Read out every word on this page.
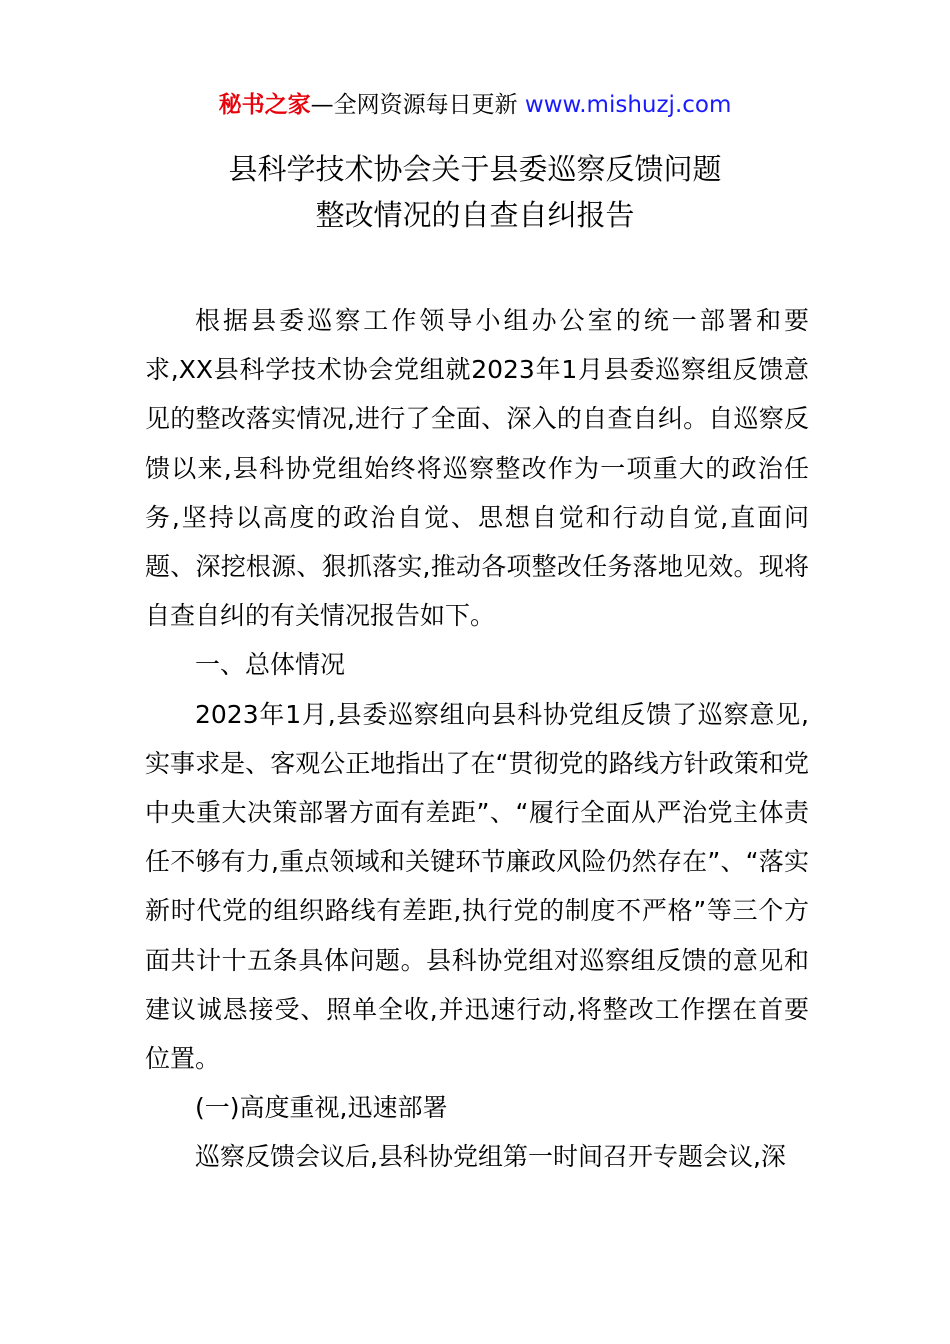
秘书之家—全网资源每日更新 www.mishuzj.com
县科学技术协会关于县委巡察反馈问题
整改情况的自查自纠报告

根据县委巡察工作领导小组办公室的统一部署和要求,XX县科学技术协会党组就2023年1月县委巡察组反馈意见的整改落实情况,进行了全面、深入的自查自纠。自巡察反馈以来,县科协党组始终将巡察整改作为一项重大的政治任务,坚持以高度的政治自觉、思想自觉和行动自觉,直面问题、深挖根源、狠抓落实,推动各项整改任务落地见效。现将自查自纠的有关情况报告如下。

一、总体情况

2023年1月,县委巡察组向县科协党组反馈了巡察意见,实事求是、客观公正地指出了在“贯彻党的路线方针政策和党中央重大决策部署方面有差距”、“履行全面从严治党主体责任不够有力,重点领域和关键环节廉政风险仍然存在”、“落实新时代党的组织路线有差距,执行党的制度不严格”等三个方面共计十五条具体问题。县科协党组对巡察组反馈的意见和建议诚恳接受、照单全收,并迅速行动,将整改工作摆在首要位置。

(一)高度重视,迅速部署

巡察反馈会议后,县科协党组第一时间召开专题会议,深
